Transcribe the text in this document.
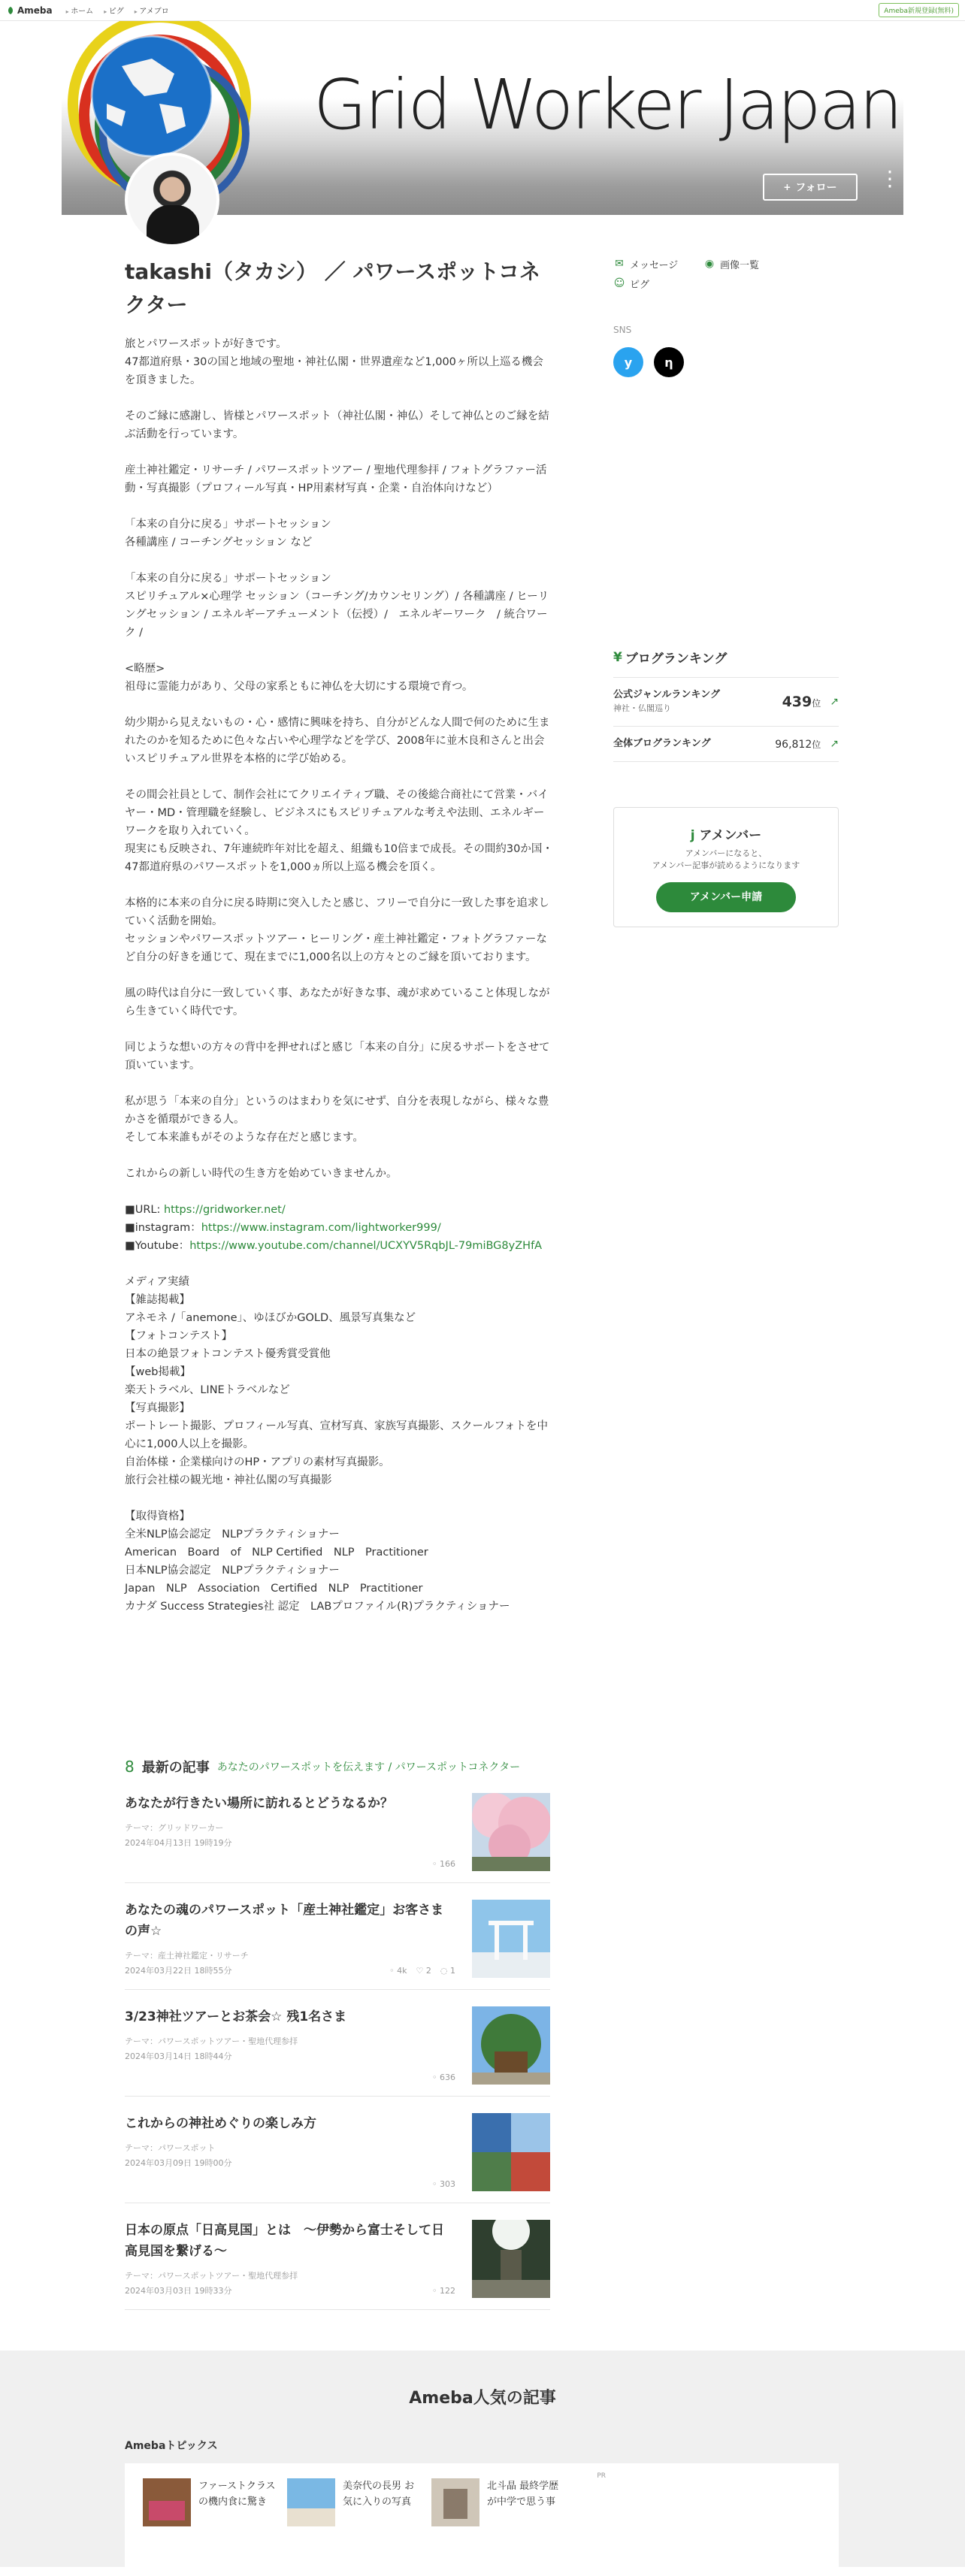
Ameba	▸ ホーム	▸ ピグ	▸ アメブロ	Ameba新規登録(無料)
Grid Worker Japan
+ フォロー ⋮
takashi（タカシ） ／ パワースポットコネクター

旅とパワースポットが好きです。
47都道府県・30の国と地域の聖地・神社仏閣・世界遺産など1,000ヶ所以上巡る機会を頂きました。

そのご縁に感謝し、皆様とパワースポット（神社仏閣・神仏）そして神仏とのご縁を結ぶ活動を行っています。

産土神社鑑定・リサーチ / パワースポットツアー / 聖地代理参拝 / フォトグラファー活動・写真撮影（プロフィール写真・HP用素材写真・企業・自治体向けなど）

「本来の自分に戻る」サポートセッション
各種講座 / コーチングセッション など

「本来の自分に戻る」サポートセッション
スピリチュアル×心理学 セッション（コーチング/カウンセリング）/ 各種講座 / ヒーリングセッション / エネルギーアチューメント（伝授）/　エネルギーワーク　/ 統合ワーク /

<略歴>
祖母に霊能力があり、父母の家系ともに神仏を大切にする環境で育つ。

幼少期から見えないもの・心・感情に興味を持ち、自分がどんな人間で何のために生まれたのかを知るために色々な占いや心理学などを学び、2008年に並木良和さんと出会いスピリチュアル世界を本格的に学び始める。

その間会社員として、制作会社にてクリエイティブ職、その後総合商社にて営業・バイヤー・MD・管理職を経験し、ビジネスにもスピリチュアルな考えや法則、エネルギーワークを取り入れていく。
現実にも反映され、7年連続昨年対比を超え、組織も10倍まで成長。その間約30か国・47都道府県のパワースポットを1,000ヵ所以上巡る機会を頂く。

本格的に本来の自分に戻る時期に突入したと感じ、フリーで自分に一致した事を追求していく活動を開始。
セッションやパワースポットツアー・ヒーリング・産土神社鑑定・フォトグラファーなど自分の好きを通じて、現在までに1,000名以上の方々とのご縁を頂いております。

風の時代は自分に一致していく事、あなたが好きな事、魂が求めていること体現しながら生きていく時代です。

同じような想いの方々の背中を押せればと感じ「本来の自分」に戻るサポートをさせて頂いています。

私が思う「本来の自分」というのはまわりを気にせず、自分を表現しながら、様々な豊かさを循環ができる人。
そして本来誰もがそのような存在だと感じます。

これからの新しい時代の生き方を始めていきませんか。

■URL: https://gridworker.net/
■instagram：https://www.instagram.com/lightworker999/
■Youtube：https://www.youtube.com/channel/UCXYV5RqbJL-79miBG8yZHfA

メディア実績
【雑誌掲載】
アネモネ /「anemone」、ゆほびかGOLD、風景写真集など
【フォトコンテスト】
日本の絶景フォトコンテスト優秀賞受賞他
【web掲載】
楽天トラベル、LINEトラベルなど
【写真撮影】
ポートレート撮影、プロフィール写真、宣材写真、家族写真撮影、スクールフォトを中心に1,000人以上を撮影。
自治体様・企業様向けのHP・アプリの素材写真撮影。
旅行会社様の観光地・神社仏閣の写真撮影

【取得資格】
全米NLP協会認定　NLPプラクティショナー
American　Board　of　NLP Certified　NLP　Practitioner
日本NLP協会認定　NLPプラクティショナー
Japan　NLP　Association　Certified　NLP　Practitioner
カナダ Success Strategies社 認定　LABプロファイル(R)プラクティショナー

✉ メッセージ	◉ 画像一覧
☺ ピグ
SNS
y	η
¥ ブログランキング
公式ジャンルランキング
神社・仏閣巡り	439位 ↗
全体ブログランキング	96,812位 ↗
j アメンバー
アメンバーになると、
アメンバー記事が読めるようになります
アメンバー申請
8 最新の記事 あなたのパワースポットを伝えます / パワースポットコネクター
あなたが行きたい場所に訪れるとどうなるか？
テーマ：グリッドワーカー
2024年04月13日 19時19分
◦ 166
あなたの魂のパワースポット「産土神社鑑定」お客さまの声☆
テーマ：産土神社鑑定・リサーチ
2024年03月22日 18時55分	◦ 4k ♡ 2 ◌ 1
3/23神社ツアーとお茶会☆ 残1名さま
テーマ：パワースポットツアー・聖地代理参拝
2024年03月14日 18時44分
◦ 636
これからの神社めぐりの楽しみ方
テーマ：パワースポット
2024年03月09日 19時00分
◦ 303
日本の原点「日高見国」とは　〜伊勢から富士そして日高見国を繋げる〜
テーマ：パワースポットツアー・聖地代理参拝
2024年03月03日 19時33分	◦ 122
Ameba人気の記事
Amebaトピックス
PR
ファーストクラスの機内食に驚き
美奈代の長男 お気に入りの写真
北斗晶 最終学歴が中学で思う事
